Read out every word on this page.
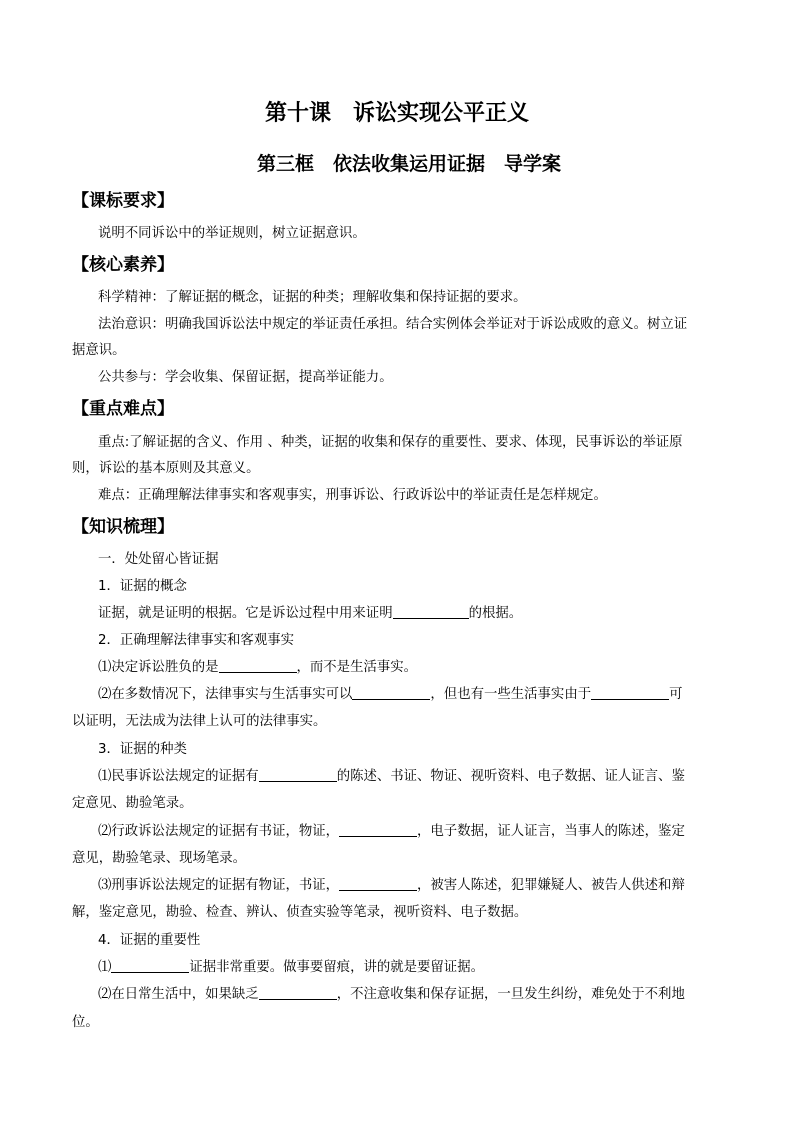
第十课　诉讼实现公平正义
第三框　依法收集运用证据　导学案
【课标要求】
说明不同诉讼中的举证规则，树立证据意识。
【核心素养】
科学精神：了解证据的概念，证据的种类；理解收集和保持证据的要求。
法治意识：明确我国诉讼法中规定的举证责任承担。结合实例体会举证对于诉讼成败的意义。树立证
据意识。
公共参与：学会收集、保留证据，提高举证能力。
【重点难点】
重点:了解证据的含义、作用 、种类，证据的收集和保存的重要性、要求、体现，民事诉讼的举证原
则，诉讼的基本原则及其意义。
难点：正确理解法律事实和客观事实，刑事诉讼、行政诉讼中的举证责任是怎样规定。
【知识梳理】
一．处处留心皆证据
1．证据的概念
证据，就是证明的根据。它是诉讼过程中用来证明	的根据。
2．正确理解法律事实和客观事实
⑴决定诉讼胜负的是	，而不是生活事实。
⑵在多数情况下，法律事实与生活事实可以	，但也有一些生活事实由于	可
以证明，无法成为法律上认可的法律事实。
3．证据的种类
⑴民事诉讼法规定的证据有	的陈述、书证、物证、视听资料、电子数据、证人证言、鉴
定意见、勘验笔录。
⑵行政诉讼法规定的证据有书证，物证，	，电子数据，证人证言，当事人的陈述，鉴定
意见，勘验笔录、现场笔录。
⑶刑事诉讼法规定的证据有物证，书证，	，被害人陈述，犯罪嫌疑人、被告人供述和辩
解，鉴定意见，勘验、检查、辨认、侦查实验等笔录，视听资料、电子数据。
4．证据的重要性
⑴	证据非常重要。做事要留痕，讲的就是要留证据。
⑵在日常生活中，如果缺乏	，不注意收集和保存证据，一旦发生纠纷，难免处于不利地
位。
